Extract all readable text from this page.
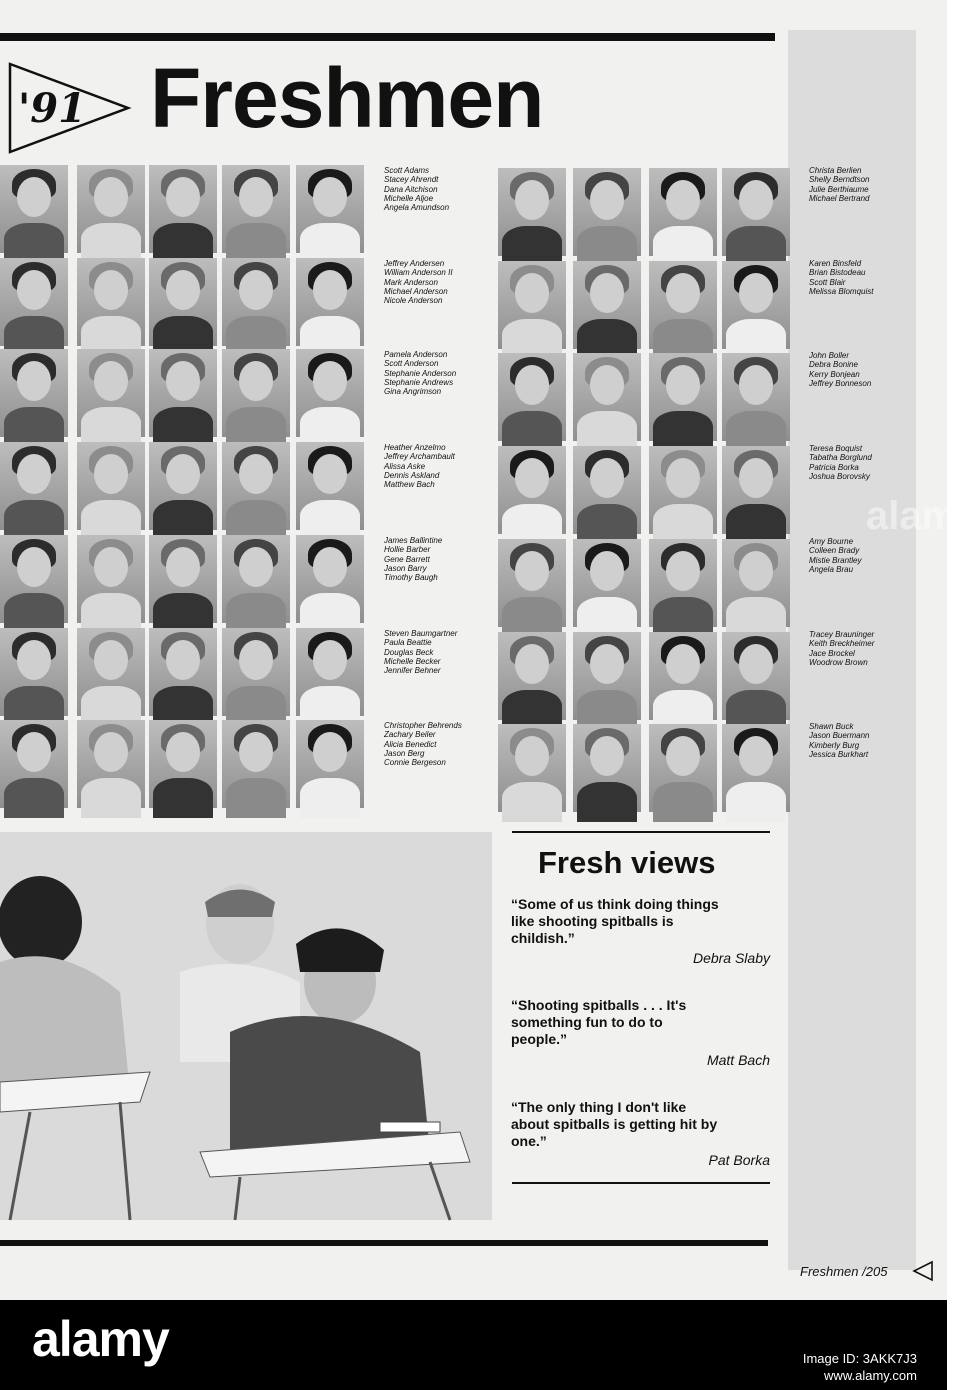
'91 Freshmen
Fresh views
“Some of us think doing things like shooting spitballs is childish.”
Debra Slaby
“Shooting spitballs . . . It's something fun to do to people.”
Matt Bach
“The only thing I don't like about spitballs is getting hit by one.”
Pat Borka
alamy
Freshmen /205
Scott Adams
Stacey Ahrendt
Dana Aitchison
Michelle Aljoe
Angela Amundson
Jeffrey Andersen
William Anderson II
Mark Anderson
Michael Anderson
Nicole Anderson
Pamela Anderson
Scott Anderson
Stephanie Anderson
Stephanie Andrews
Gina Angrimson
Heather Anzelmo
Jeffrey Archambault
Alissa Aske
Dennis Askland
Matthew Bach
James Ballintine
Hollie Barber
Gene Barrett
Jason Barry
Timothy Baugh
Steven Baumgartner
Paula Beattie
Douglas Beck
Michelle Becker
Jennifer Behner
Christopher Behrends
Zachary Beiler
Alicia Benedict
Jason Berg
Connie Bergeson
Christa Berlien
Shelly Berndtson
Julie Berthiaume
Michael Bertrand
Karen Binsfeld
Brian Bistodeau
Scott Blair
Melissa Blomquist
John Boller
Debra Bonine
Kerry Bonjean
Jeffrey Bonneson
Teresa Boquist
Tabatha Borglund
Patricia Borka
Joshua Borovsky
Amy Bourne
Colleen Brady
Mistie Brantley
Angela Brau
Tracey Brauninger
Keith Breckheimer
Jace Brockel
Woodrow Brown
Shawn Buck
Jason Buermann
Kimberly Burg
Jessica Burkhart
alamy	Image ID: 3AKK7J3
www.alamy.com
